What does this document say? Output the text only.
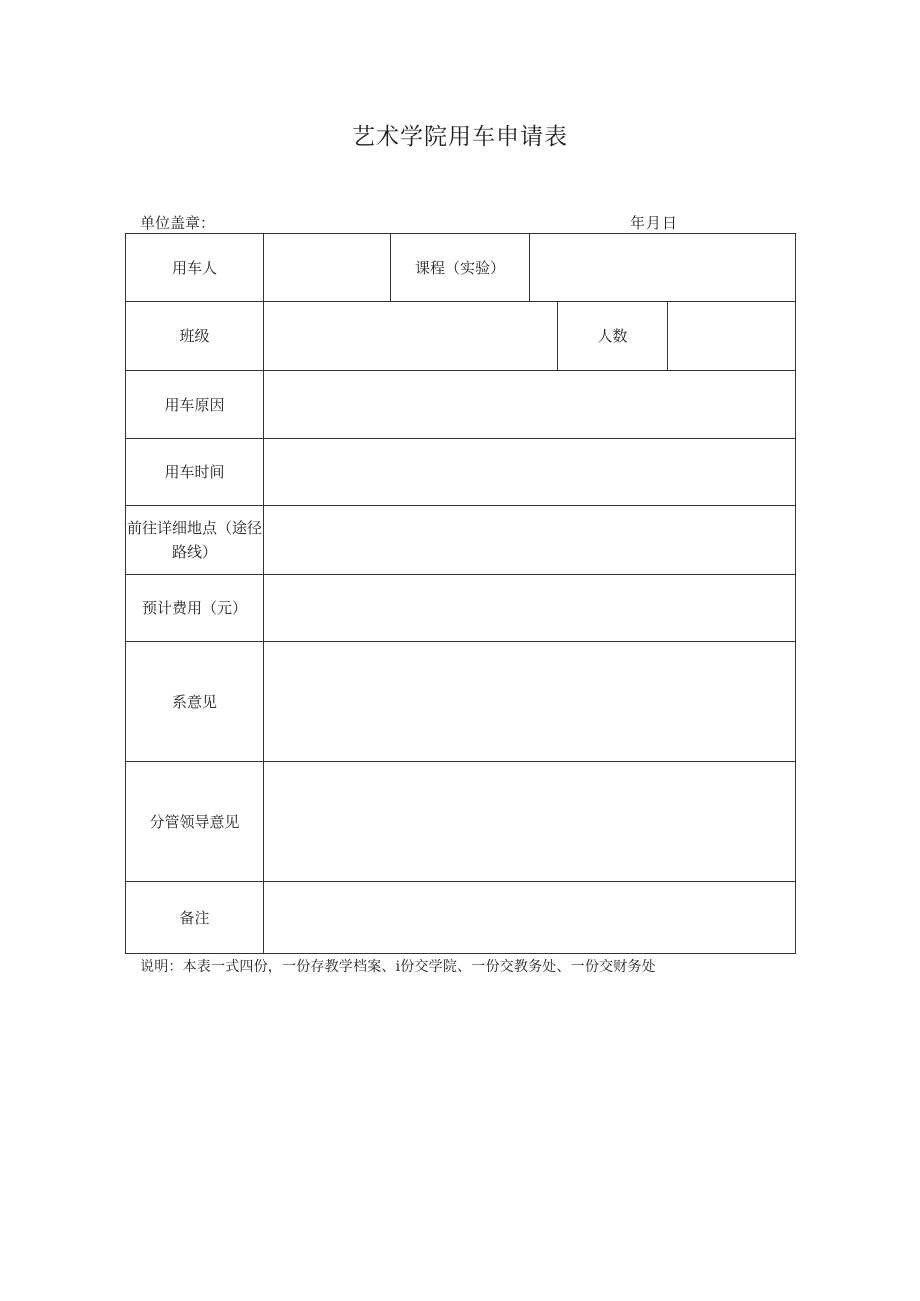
艺术学院用车申请表
单位盖章：	年月日
用车人		课程（实验）			
班级				人数	
用车原因					
用车时间					
前往详细地点（途径路线）					
预计费用（元）					
系意见					
分管领导意见					
备注					
说明：本表一式四份，一份存教学档案、i份交学院、一份交教务处、一份交财务处
